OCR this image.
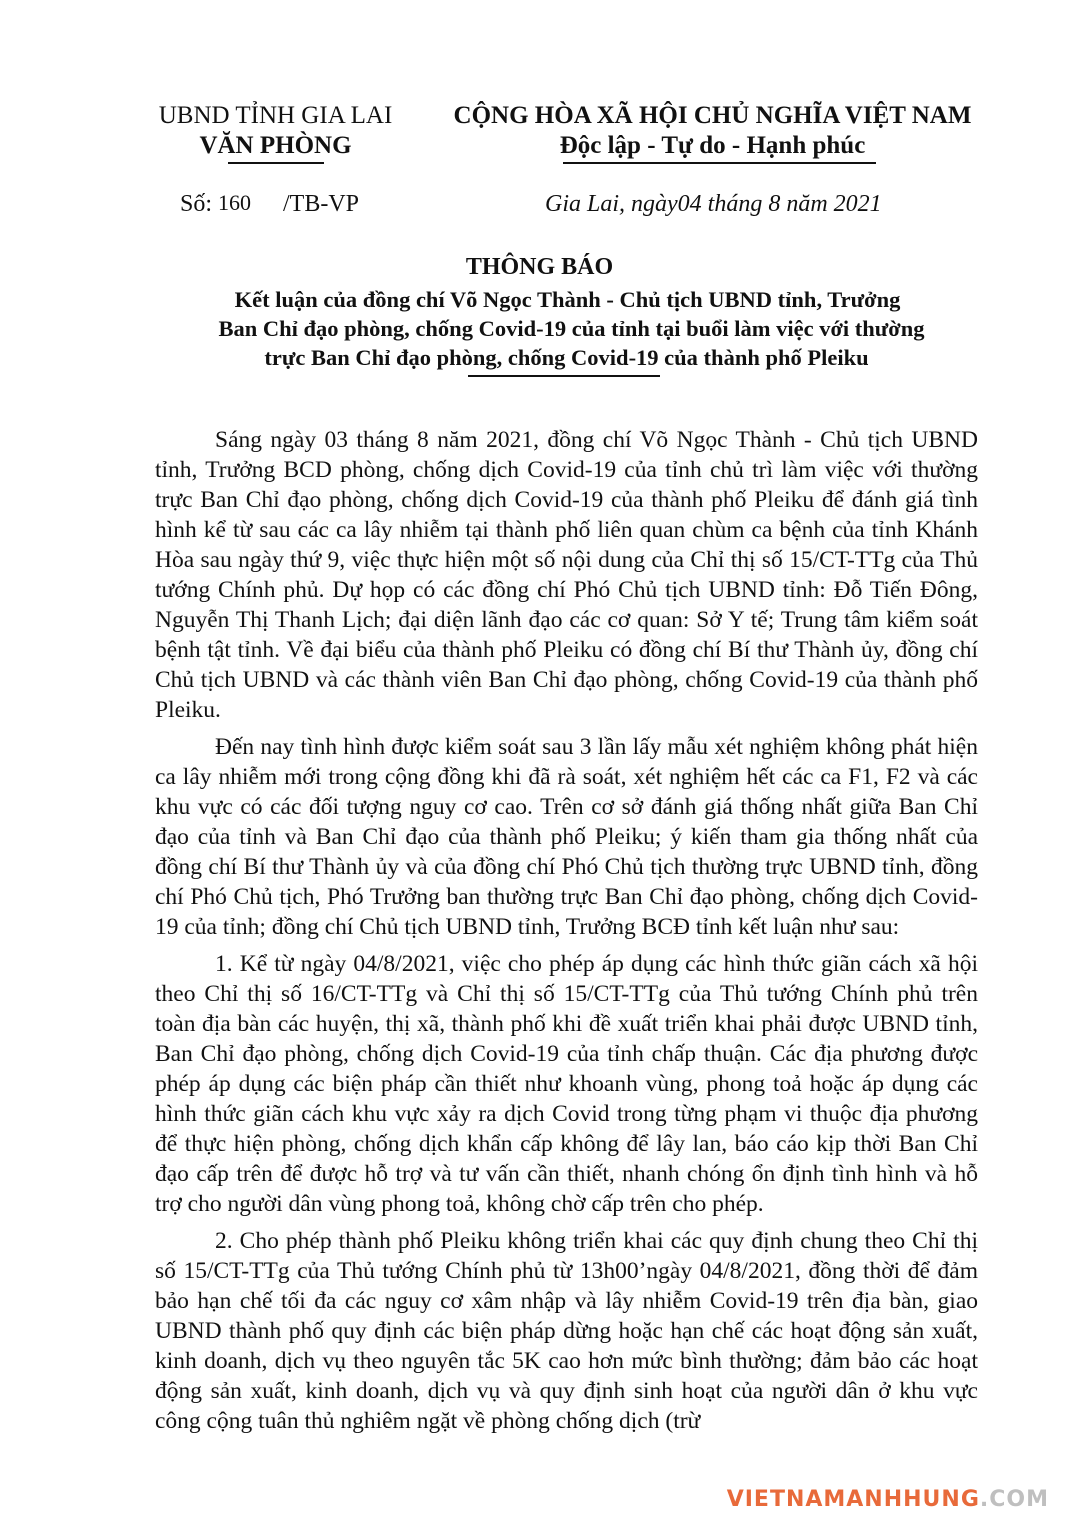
UBND TỈNH GIA LAI
VĂN PHÒNG
CỘNG HÒA XÃ HỘI CHỦ NGHĨA VIỆT NAM
Độc lập - Tự do - Hạnh phúc
Số: 160 /TB-VP	Gia Lai, ngày04 tháng 8 năm 2021
THÔNG BÁO
Kết luận của đồng chí Võ Ngọc Thành - Chủ tịch UBND tỉnh, Trưởng
Ban Chỉ đạo phòng, chống Covid-19 của tỉnh tại buổi làm việc với thường
trực Ban Chỉ đạo phòng, chống Covid-19 của thành phố Pleiku

Sáng ngày 03 tháng 8 năm 2021, đồng chí Võ Ngọc Thành - Chủ tịch UBND tỉnh, Trưởng BCD phòng, chống dịch Covid-19 của tỉnh chủ trì làm việc với thường trực Ban Chỉ đạo phòng, chống dịch Covid-19 của thành phố Pleiku để đánh giá tình hình kể từ sau các ca lây nhiễm tại thành phố liên quan chùm ca bệnh của tỉnh Khánh Hòa sau ngày thứ 9, việc thực hiện một số nội dung của Chỉ thị số 15/CT-TTg của Thủ tướng Chính phủ. Dự họp có các đồng chí Phó Chủ tịch UBND tỉnh: Đỗ Tiến Đông, Nguyễn Thị Thanh Lịch; đại diện lãnh đạo các cơ quan: Sở Y tế; Trung tâm kiểm soát bệnh tật tỉnh. Về đại biểu của thành phố Pleiku có đồng chí Bí thư Thành ủy, đồng chí Chủ tịch UBND và các thành viên Ban Chỉ đạo phòng, chống Covid-19 của thành phố Pleiku.

Đến nay tình hình được kiểm soát sau 3 lần lấy mẫu xét nghiệm không phát hiện ca lây nhiễm mới trong cộng đồng khi đã rà soát, xét nghiệm hết các ca F1, F2 và các khu vực có các đối tượng nguy cơ cao. Trên cơ sở đánh giá thống nhất giữa Ban Chỉ đạo của tỉnh và Ban Chỉ đạo của thành phố Pleiku; ý kiến tham gia thống nhất của đồng chí Bí thư Thành ủy và của đồng chí Phó Chủ tịch thường trực UBND tỉnh, đồng chí Phó Chủ tịch, Phó Trưởng ban thường trực Ban Chỉ đạo phòng, chống dịch Covid-19 của tỉnh; đồng chí Chủ tịch UBND tỉnh, Trưởng BCĐ tỉnh kết luận như sau:

1. Kể từ ngày 04/8/2021, việc cho phép áp dụng các hình thức giãn cách xã hội theo Chỉ thị số 16/CT-TTg và Chỉ thị số 15/CT-TTg của Thủ tướng Chính phủ trên toàn địa bàn các huyện, thị xã, thành phố khi đề xuất triển khai phải được UBND tỉnh, Ban Chỉ đạo phòng, chống dịch Covid-19 của tỉnh chấp thuận. Các địa phương được phép áp dụng các biện pháp cần thiết như khoanh vùng, phong toả hoặc áp dụng các hình thức giãn cách khu vực xảy ra dịch Covid trong từng phạm vi thuộc địa phương để thực hiện phòng, chống dịch khẩn cấp không để lây lan, báo cáo kịp thời Ban Chỉ đạo cấp trên để được hỗ trợ và tư vấn cần thiết, nhanh chóng ổn định tình hình và hỗ trợ cho người dân vùng phong toả, không chờ cấp trên cho phép.

2. Cho phép thành phố Pleiku không triển khai các quy định chung theo Chỉ thị số 15/CT-TTg của Thủ tướng Chính phủ từ 13h00’ngày 04/8/2021, đồng thời để đảm bảo hạn chế tối đa các nguy cơ xâm nhập và lây nhiễm Covid-19 trên địa bàn, giao UBND thành phố quy định các biện pháp dừng hoặc hạn chế các hoạt động sản xuất, kinh doanh, dịch vụ theo nguyên tắc 5K cao hơn mức bình thường; đảm bảo các hoạt động sản xuất, kinh doanh, dịch vụ và quy định sinh hoạt của người dân ở khu vực công cộng tuân thủ nghiêm ngặt về phòng chống dịch (trừ

VIETNAMANHHUNG.COM
